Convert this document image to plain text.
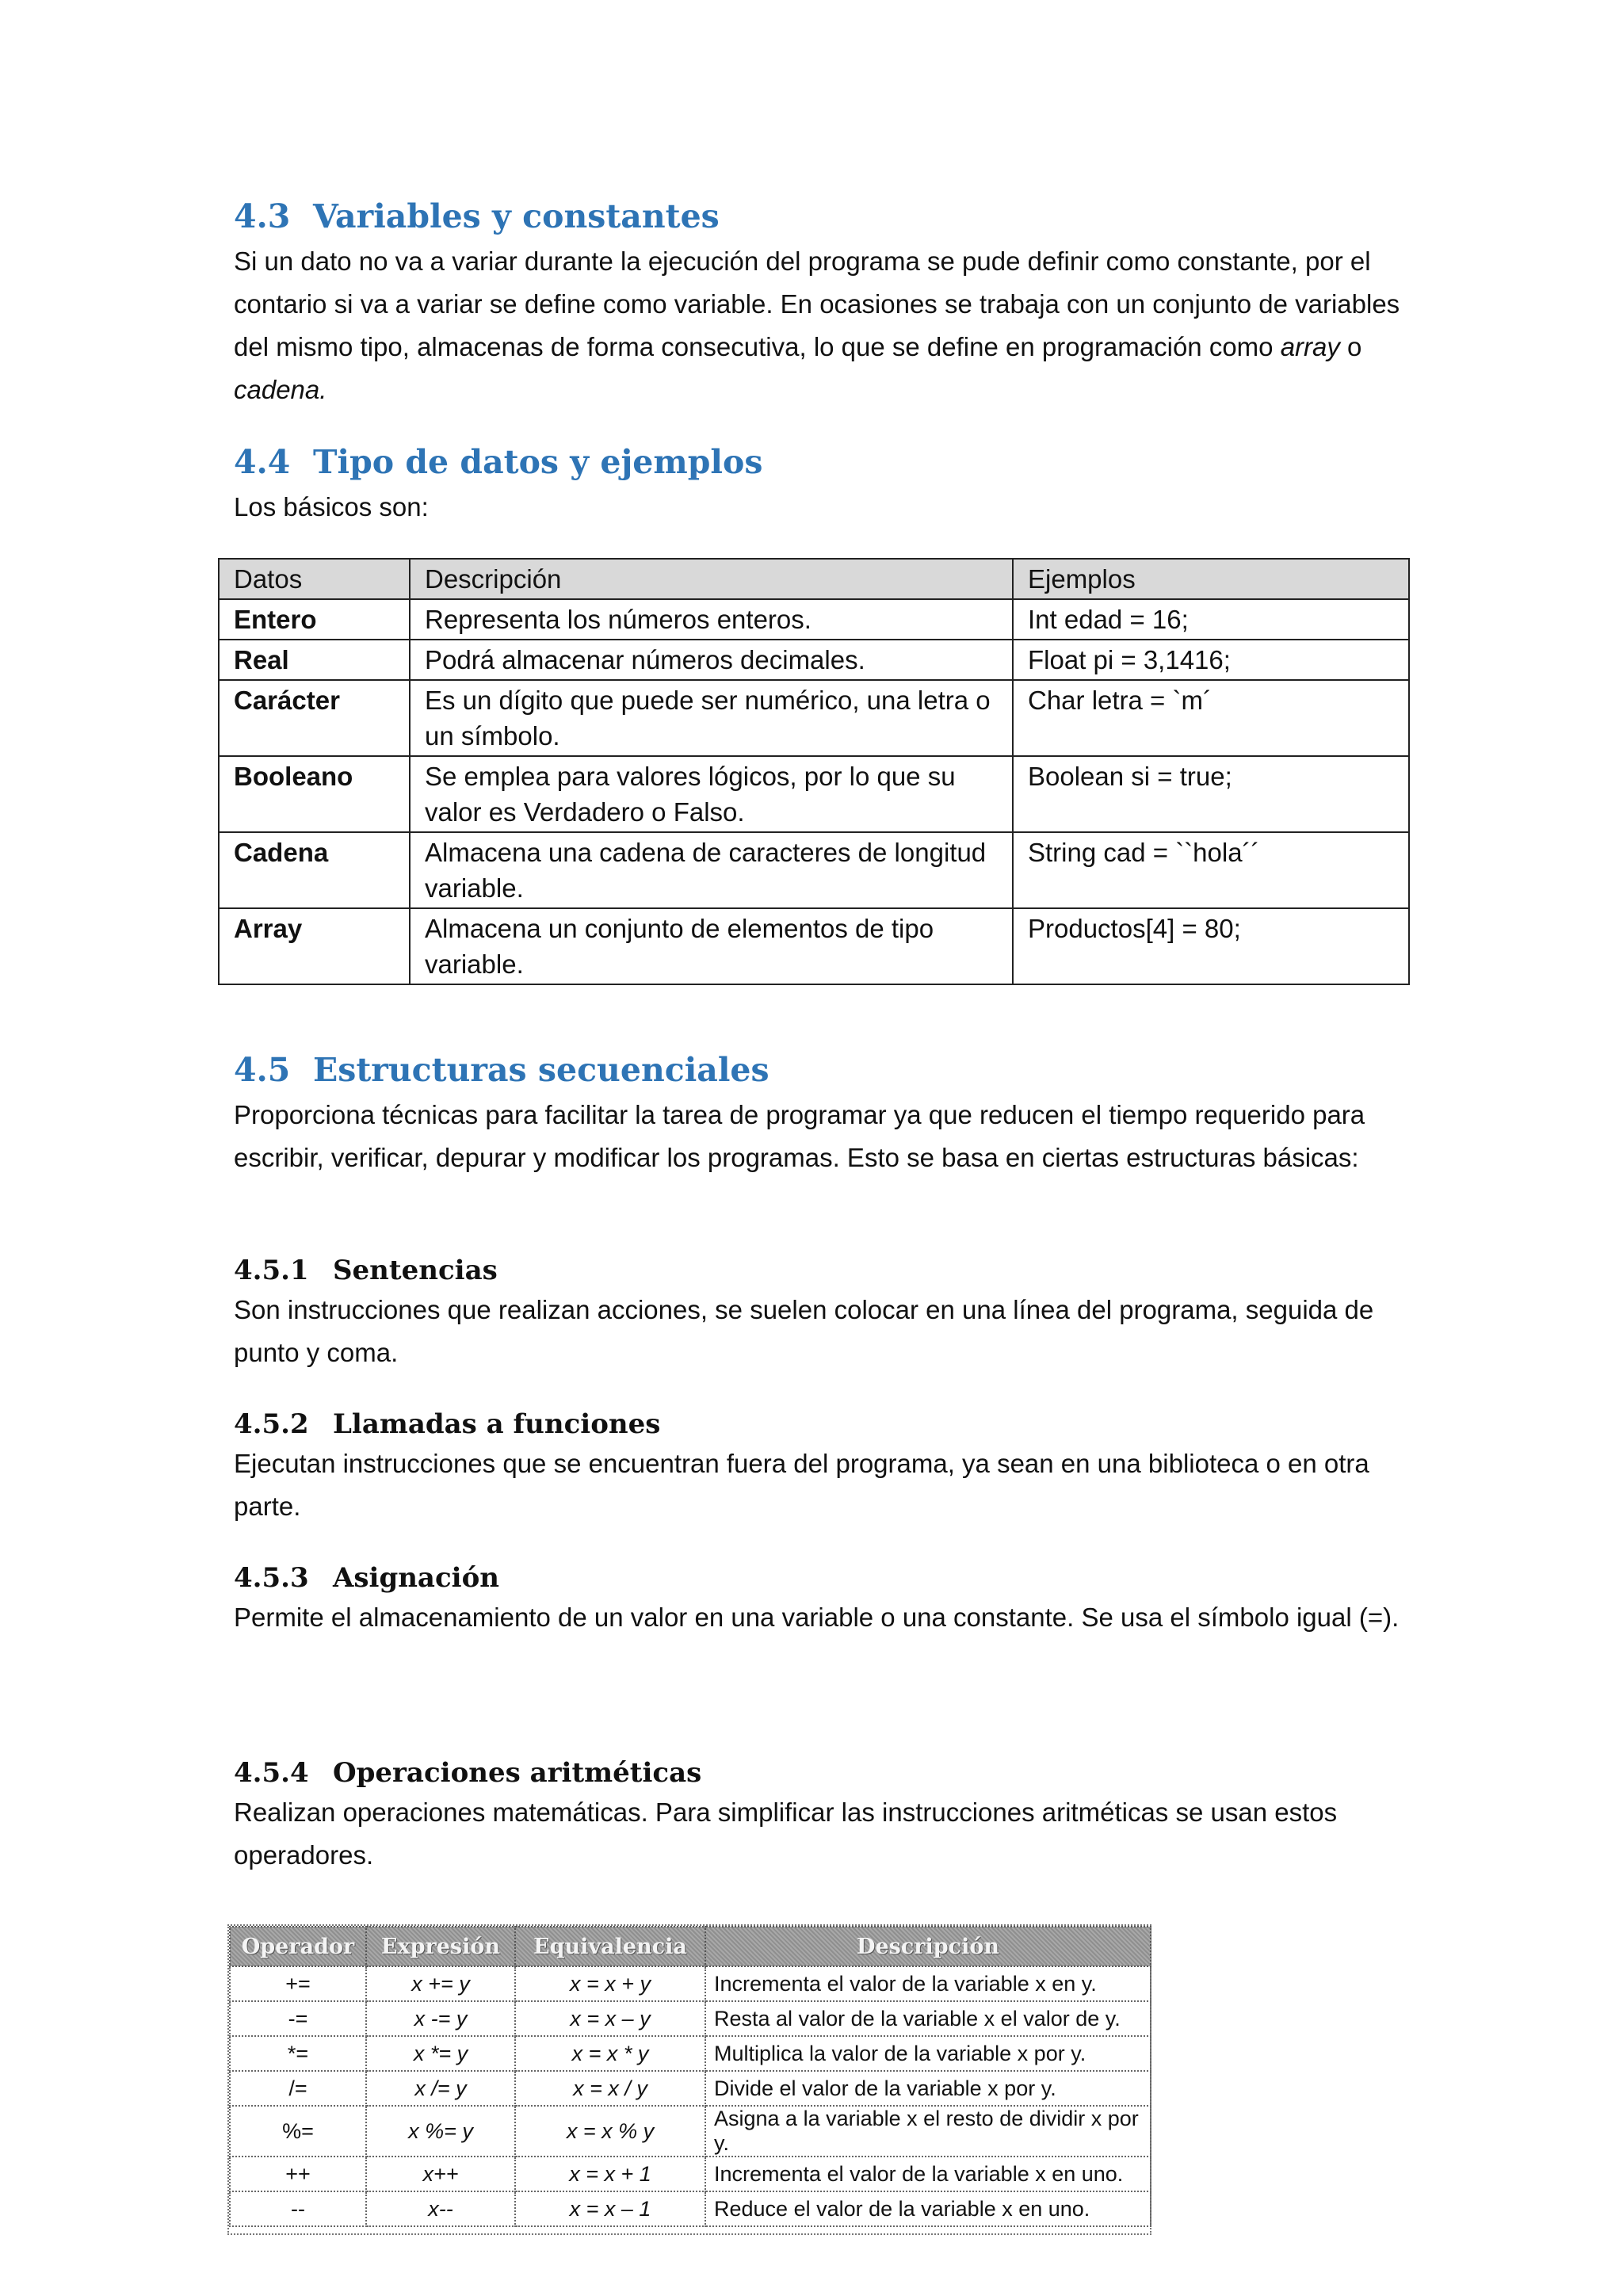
4.3 Variables y constantes

Si un dato no va a variar durante la ejecución del programa se pude definir como constante, por el contario si va a variar se define como variable. En ocasiones se trabaja con un conjunto de variables del mismo tipo, almacenas de forma consecutiva, lo que se define en programación como array o cadena.

4.4 Tipo de datos y ejemplos

Los básicos son:

Datos	Descripción	Ejemplos
Entero	Representa los números enteros.	Int edad = 16;
Real	Podrá almacenar números decimales.	Float pi = 3,1416;
Carácter	Es un dígito que puede ser numérico, una letra o un símbolo.	Char letra = `m´
Booleano	Se emplea para valores lógicos, por lo que su valor es Verdadero o Falso.	Boolean si = true;
Cadena	Almacena una cadena de caracteres de longitud variable.	String cad = ``hola´´
Array	Almacena un conjunto de elementos de tipo variable.	Productos[4] = 80;
4.5 Estructuras secuenciales

Proporciona técnicas para facilitar la tarea de programar ya que reducen el tiempo requerido para escribir, verificar, depurar y modificar los programas. Esto se basa en ciertas estructuras básicas:

4.5.1 Sentencias

Son instrucciones que realizan acciones, se suelen colocar en una línea del programa, seguida de punto y coma.

4.5.2 Llamadas a funciones

Ejecutan instrucciones que se encuentran fuera del programa, ya sean en una biblioteca o en otra parte.

4.5.3 Asignación

Permite el almacenamiento de un valor en una variable o una constante. Se usa el símbolo igual (=).

4.5.4 Operaciones aritméticas

Realizan operaciones matemáticas. Para simplificar las instrucciones aritméticas se usan estos operadores.

Operador	Expresión	Equivalencia	Descripción
+=	x += y	x = x + y	Incrementa el valor de la variable x en y.
-=	x -= y	x = x – y	Resta al valor de la variable x el valor de y.
*=	x *= y	x = x * y	Multiplica la valor de la variable x por y.
/=	x /= y	x = x / y	Divide el valor de la variable x por y.
%=	x %= y	x = x % y	Asigna a la variable x el resto de dividir x por y.
++	x++	x = x + 1	Incrementa el valor de la variable x en uno.
--	x--	x = x – 1	Reduce el valor de la variable x en uno.
